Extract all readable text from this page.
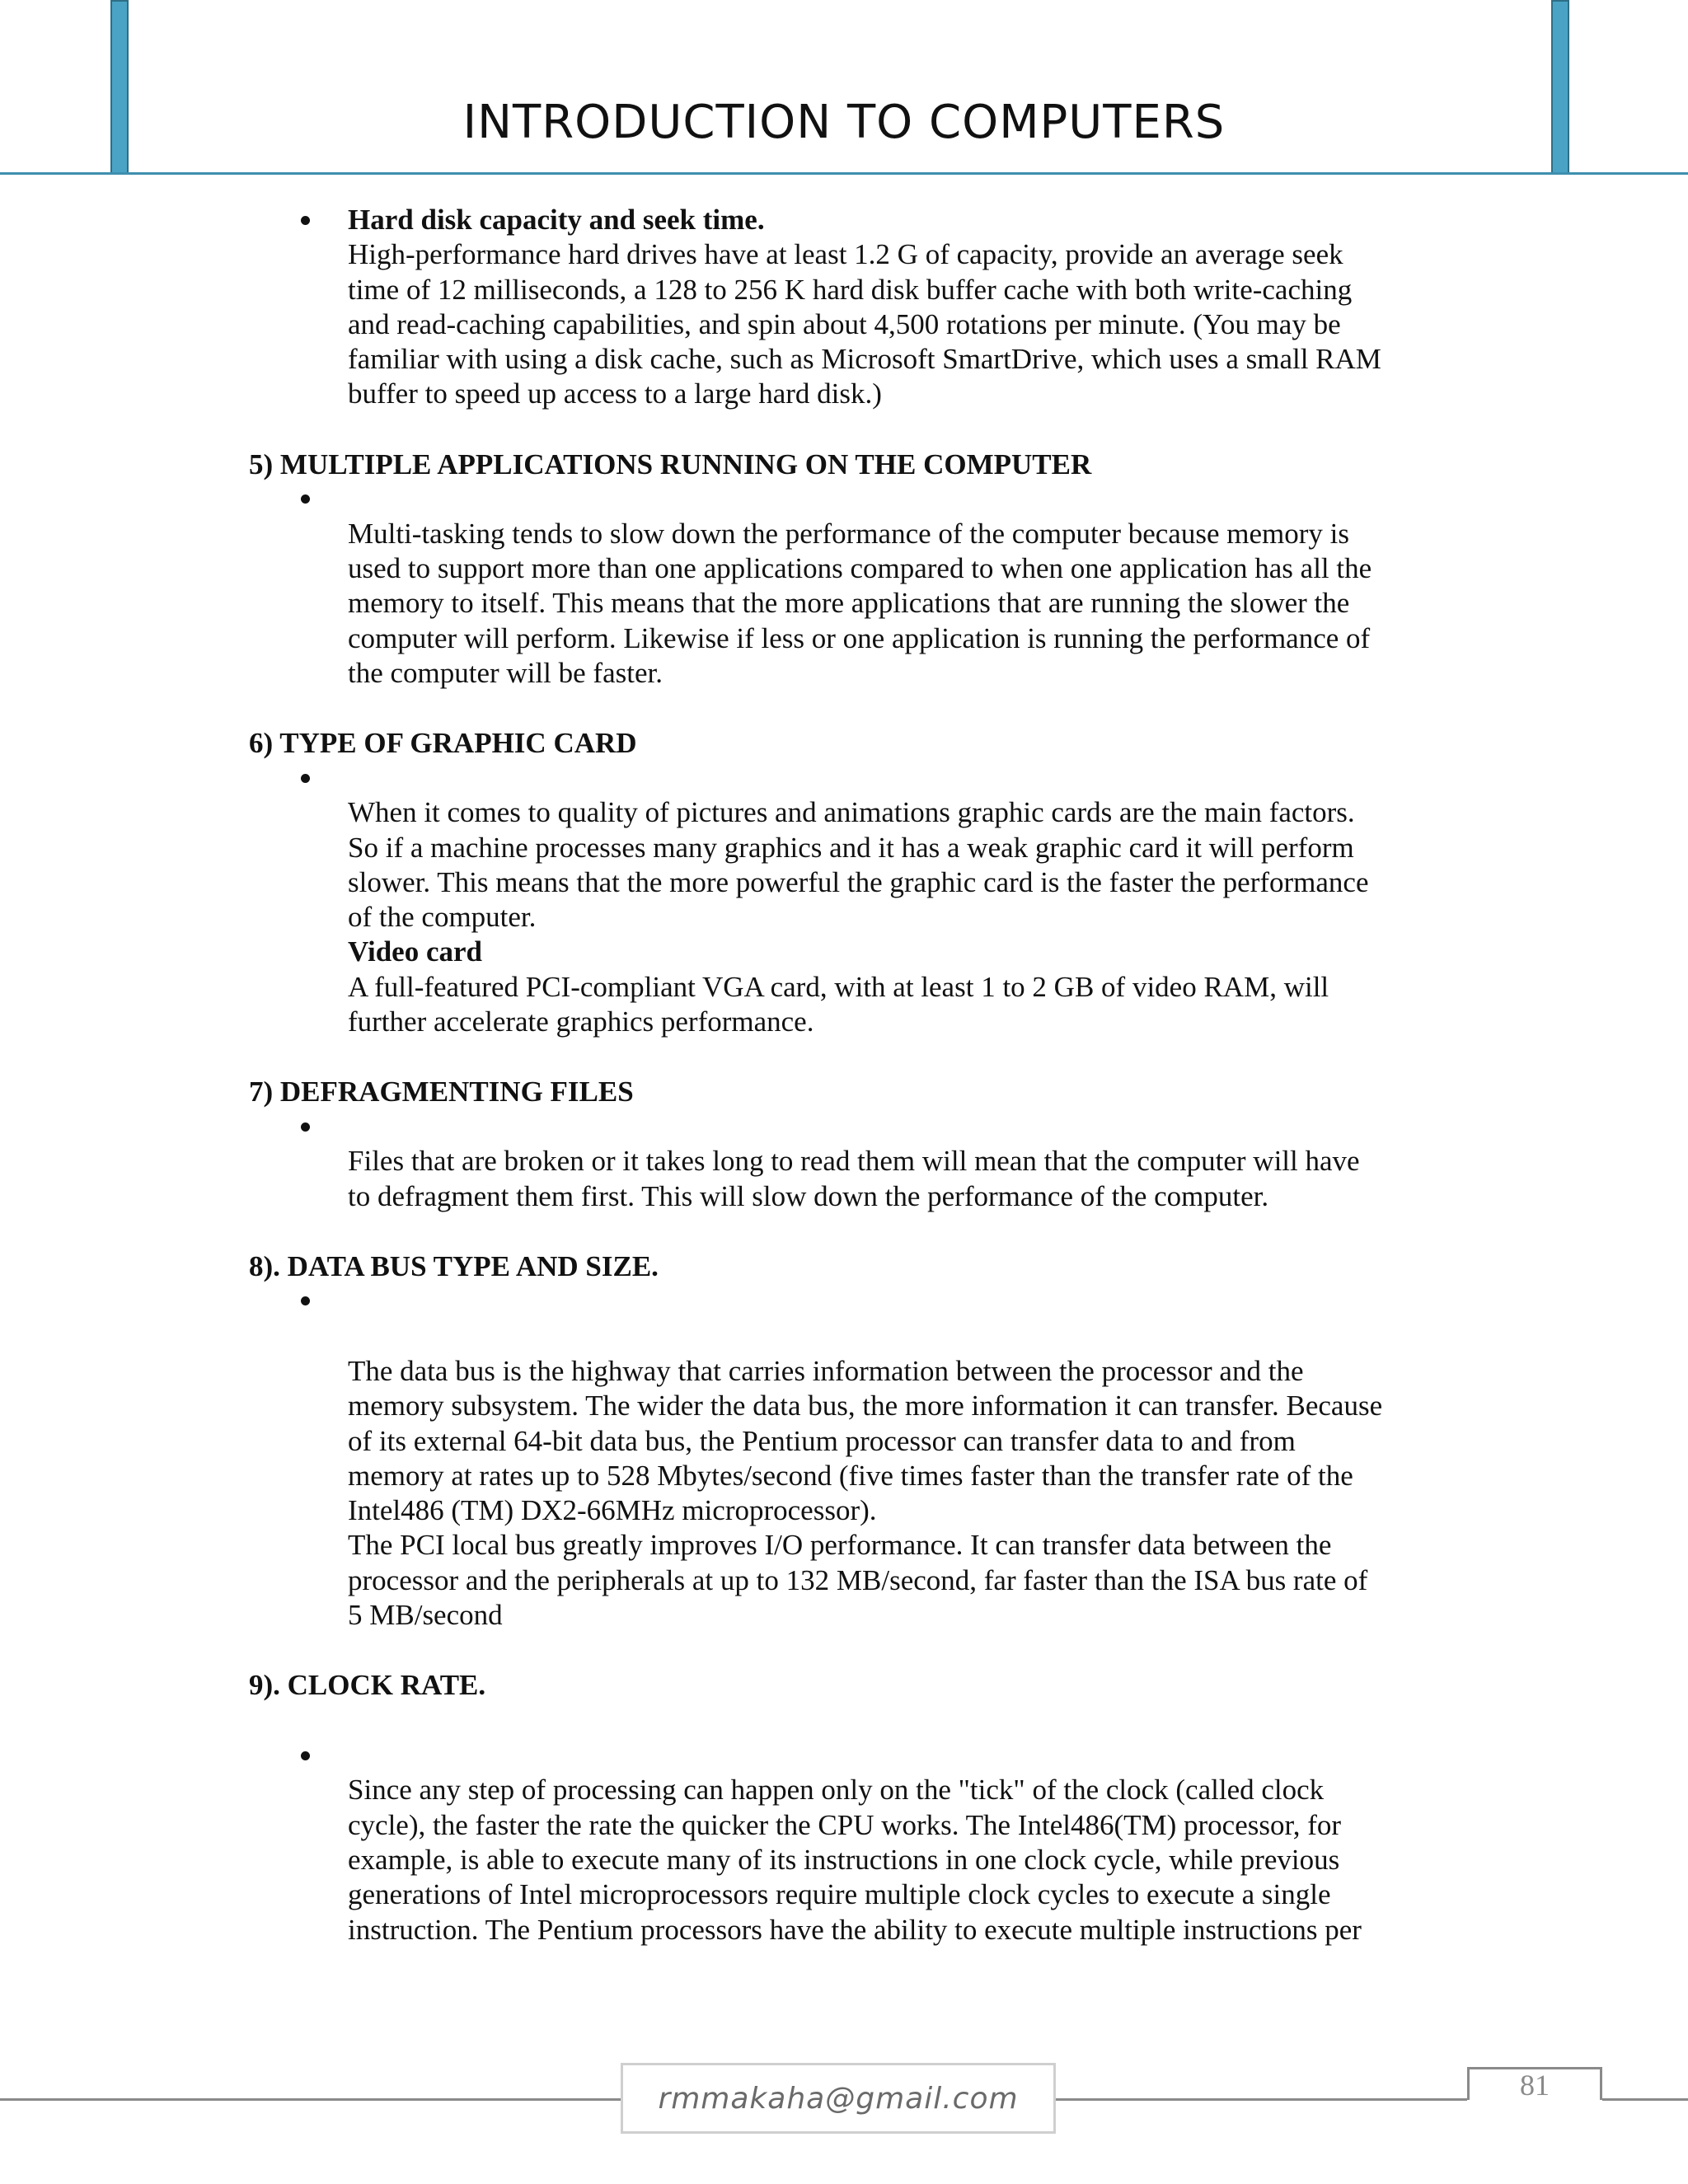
INTRODUCTION TO COMPUTERS
Hard disk capacity and seek time.
High-performance hard drives have at least 1.2 G of capacity, provide an average seek
time of 12 milliseconds, a 128 to 256 K hard disk buffer cache with both write-caching
and read-caching capabilities, and spin about 4,500 rotations per minute. (You may be
familiar with using a disk cache, such as Microsoft SmartDrive, which uses a small RAM
buffer to speed up access to a large hard disk.)
5) MULTIPLE APPLICATIONS RUNNING ON THE COMPUTER
Multi-tasking tends to slow down the performance of the computer because memory is
used to support more than one applications compared to when one application has all the
memory to itself. This means that the more applications that are running the slower the
computer will perform. Likewise if less or one application is running the performance of
the computer will be faster.
6) TYPE OF GRAPHIC CARD
When it comes to quality of pictures and animations graphic cards are the main factors.
So if a machine processes many graphics and it has a weak graphic card it will perform
slower. This means that the more powerful the graphic card is the faster the performance
of the computer.
Video card
A full-featured PCI-compliant VGA card, with at least 1 to 2 GB of video RAM, will
further accelerate graphics performance.
7) DEFRAGMENTING FILES
Files that are broken or it takes long to read them will mean that the computer will have
to defragment them first. This will slow down the performance of the computer.
8). DATA BUS TYPE AND SIZE.
The data bus is the highway that carries information between the processor and the
memory subsystem. The wider the data bus, the more information it can transfer. Because
of its external 64-bit data bus, the Pentium processor can transfer data to and from
memory at rates up to 528 Mbytes/second (five times faster than the transfer rate of the
Intel486 (TM) DX2-66MHz microprocessor).
The PCI local bus greatly improves I/O performance. It can transfer data between the
processor and the peripherals at up to 132 MB/second, far faster than the ISA bus rate of
5 MB/second
9). CLOCK RATE.
Since any step of processing can happen only on the "tick" of the clock (called clock
cycle), the faster the rate the quicker the CPU works. The Intel486(TM) processor, for
example, is able to execute many of its instructions in one clock cycle, while previous
generations of Intel microprocessors require multiple clock cycles to execute a single
instruction. The Pentium processors have the ability to execute multiple instructions per
rmmakaha@gmail.com	81
